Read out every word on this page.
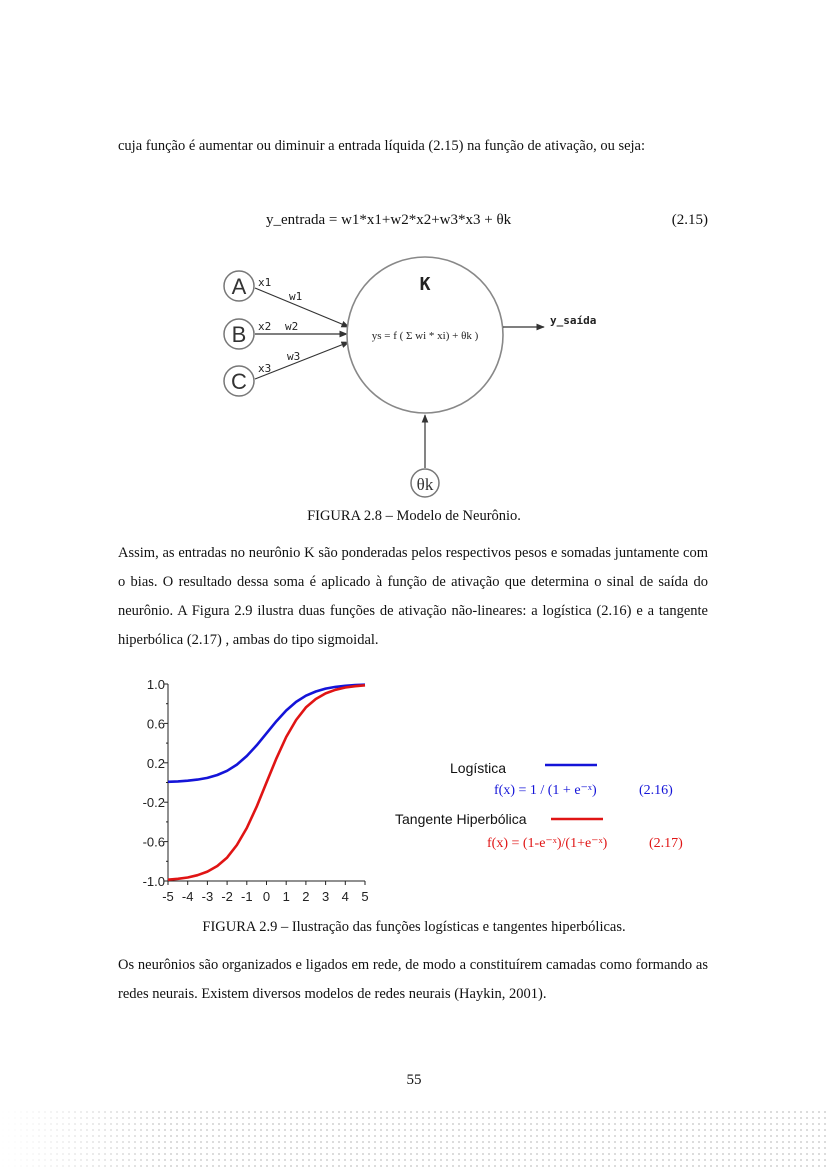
cuja função é aumentar ou diminuir a entrada líquida (2.15) na função de ativação, ou seja:

y_entrada = w1*x1+w2*x2+w3*x3 + θk	(2.15)
A
B
C
x1
x2
x3
w1
w2
w3
K
ys = f ( Σ wi * xi) + θk )
y_saída
θk
FIGURA 2.8 – Modelo de Neurônio.

Assim, as entradas no neurônio K são ponderadas pelos respectivos pesos e somadas juntamente com o bias. O resultado dessa soma é aplicado à função de ativação que determina o sinal de saída do neurônio. A Figura 2.9 ilustra duas funções de ativação não-lineares: a logística (2.16) e a tangente hiperbólica (2.17) , ambas do tipo sigmoidal.

1.0
0.6
0.2
-0.2
-0.6
-1.0
-5 -4 -3 -2 -1 0 1 2 3 4 5
Logística
f(x) = 1 / (1 + e⁻ˣ)	(2.16)
Tangente Hiperbólica
f(x) = (1-e⁻ˣ)/(1+e⁻ˣ)	(2.17)
FIGURA 2.9 – Ilustração das funções logísticas e tangentes hiperbólicas.

Os neurônios são organizados e ligados em rede, de modo a constituírem camadas como formando as redes neurais. Existem diversos modelos de redes neurais (Haykin, 2001).

55
